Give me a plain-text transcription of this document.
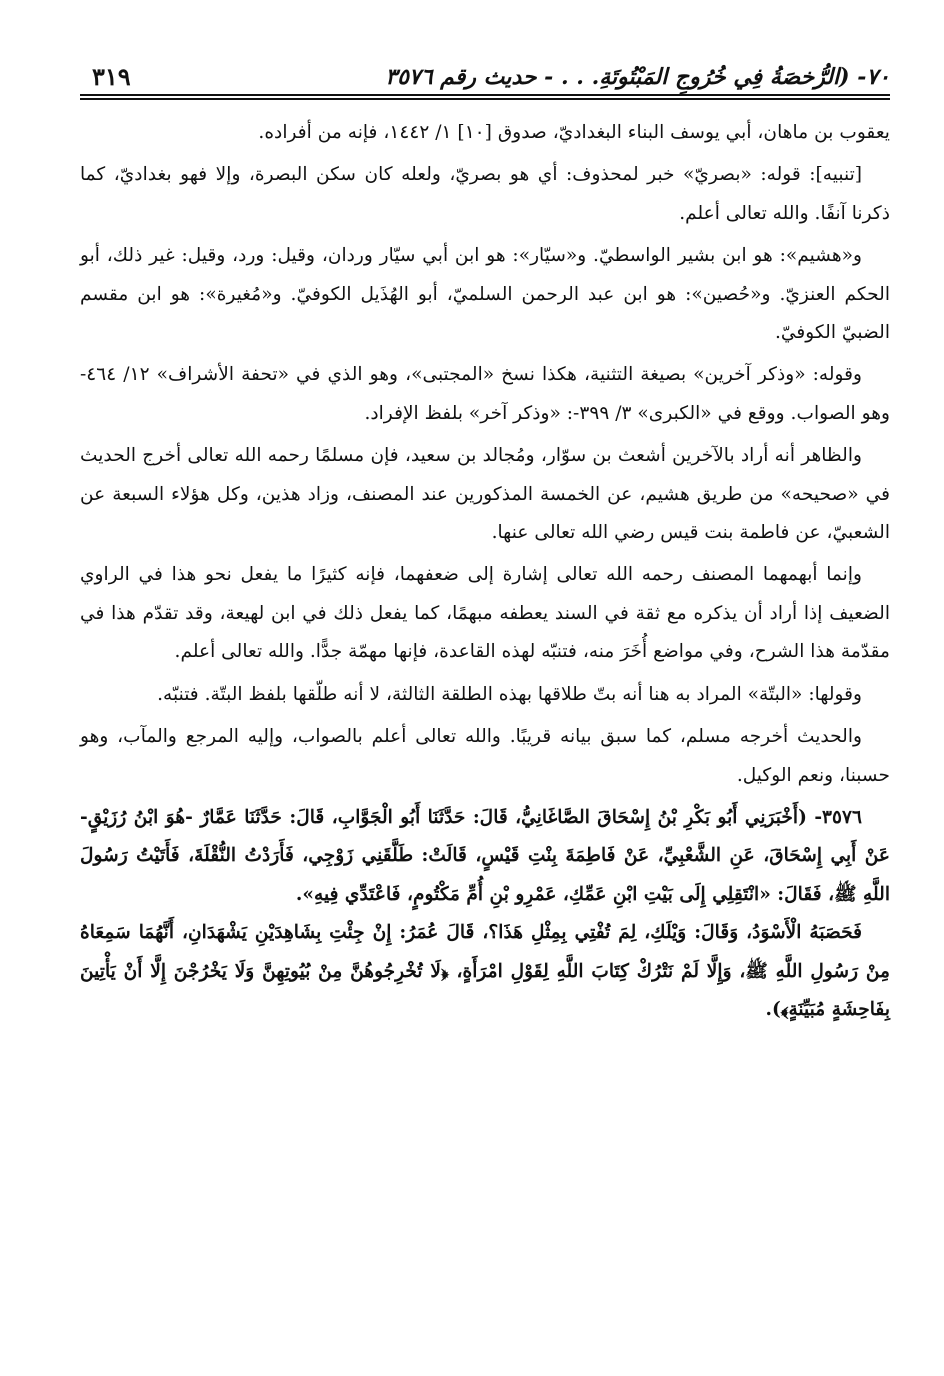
٧٠- (الرُّخصَةُ فِي خُرُوجِ المَبْتُوتَةِ. . . - حديث رقم ٣٥٧٦
٣١٩

يعقوب بن ماهان، أبي يوسف البناء البغداديّ، صدوق [١٠] ١/ ١٤٤٢، فإنه من أفراده.

[تنبيه]: قوله: «بصريّ» خبر لمحذوف: أي هو بصريّ، ولعله كان سكن البصرة، وإلا فهو بغداديّ، كما ذكرنا آنفًا. والله تعالى أعلم.

و«هشيم»: هو ابن بشير الواسطيّ. و«سيّار»: هو ابن أبي سيّار وردان، وقيل: ورد، وقيل: غير ذلك، أبو الحكم العنزيّ. و«حُصين»: هو ابن عبد الرحمن السلميّ، أبو الهُذَيل الكوفيّ. و«مُغيرة»: هو ابن مقسم الضبيّ الكوفيّ.

وقوله: «وذكر آخرين» بصيغة التثنية، هكذا نسخ «المجتبى»، وهو الذي في «تحفة الأشراف» ١٢/ ٤٦٤- وهو الصواب. ووقع في «الكبرى» ٣/ ٣٩٩-: «وذكر آخر» بلفظ الإفراد.

والظاهر أنه أراد بالآخرين أشعث بن سوّار، ومُجالد بن سعيد، فإن مسلمًا رحمه الله تعالى أخرج الحديث في «صحيحه» من طريق هشيم، عن الخمسة المذكورين عند المصنف، وزاد هذين، وكل هؤلاء السبعة عن الشعبيّ، عن فاطمة بنت قيس رضي الله تعالى عنها.

وإنما أبهمهما المصنف رحمه الله تعالى إشارة إلى ضعفهما، فإنه كثيرًا ما يفعل نحو هذا في الراوي الضعيف إذا أراد أن يذكره مع ثقة في السند يعطفه مبهمًا، كما يفعل ذلك في ابن لهيعة، وقد تقدّم هذا في مقدّمة هذا الشرح، وفي مواضع أُخَرَ منه، فتنبّه لهذه القاعدة، فإنها مهمّة جدًّا. والله تعالى أعلم.

وقولها: «البتّة» المراد به هنا أنه بتّ طلاقها بهذه الطلقة الثالثة، لا أنه طلّقها بلفظ البتّة. فتنبّه.

والحديث أخرجه مسلم، كما سبق بيانه قريبًا. والله تعالى أعلم بالصواب، وإليه المرجع والمآب، وهو حسبنا، ونعم الوكيل.

٣٥٧٦- (أَخْبَرَنِي أَبُو بَكْرِ بْنُ إِسْحَاقَ الصَّاغَانِيُّ، قَالَ: حَدَّثَنَا أَبُو الْجَوَّابِ، قَالَ: حَدَّثَنَا عَمَّارٌ -هُوَ ابْنُ رُزَيْقٍ- عَنْ أَبِي إِسْحَاقَ، عَنِ الشَّعْبِيِّ، عَنْ فَاطِمَةَ بِنْتِ قَيْسٍ، قَالَتْ: طَلَّقَنِي زَوْجِي، فَأَرَدْتُ النُّقْلَةَ، فَأَتَيْتُ رَسُولَ اللَّهِ ﷺ، فَقَالَ: «انْتَقِلِي إِلَى بَيْتِ ابْنِ عَمِّكِ، عَمْرِو بْنِ أُمِّ مَكْتُومٍ، فَاعْتَدِّي فِيهِ».

فَحَصَبَهُ الْأَسْوَدُ، وَقَالَ: وَيْلَكِ، لِمَ تُفْتِي بِمِثْلِ هَذَا؟، قَالَ عُمَرُ: إِنْ جِئْتِ بِشَاهِدَيْنِ يَشْهَدَانِ، أَنَّهُمَا سَمِعَاهُ مِنْ رَسُولِ اللَّهِ ﷺ، وَإِلَّا لَمْ نَتْرُكْ كِتَابَ اللَّهِ لِقَوْلِ امْرَأَةٍ، ﴿لَا تُخْرِجُوهُنَّ مِنْ بُيُوتِهِنَّ وَلَا يَخْرُجْنَ إِلَّا أَنْ يَأْتِينَ بِفَاحِشَةٍ مُبَيِّنَةٍ﴾).
